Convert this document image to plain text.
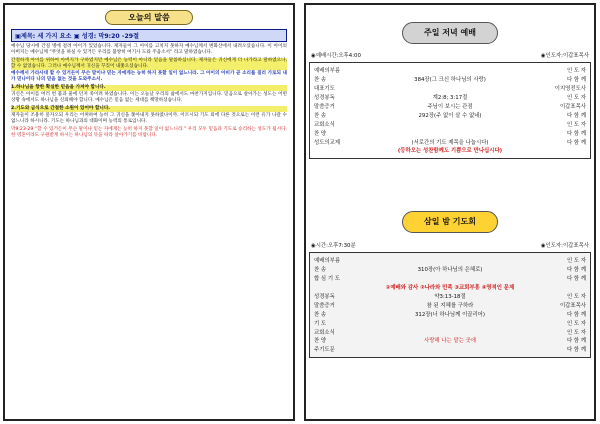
오늘의 말씀
▣제목: 세 가지 요소 ▣ 성경: 막9:20 -29절

예수님 당시에 간질 병에 걸려 아이가 있었습니다. 제자들이 그 아이를 고치지 못하자 예수님께서 변화산에서 내려오셨습니다. 이 아이의 아버지는 예수님께 “무엇을 하실 수 있거든 우리를 불쌍히 여기사 도와 주옵소서” 라고 말하였습니다.

간절하게 아이를 위하여 아버지가 구하였지만 예수님은 능력이 아니라 믿음을 말씀하십니다. 제자들은 귀신에게 더 나가라고 말하였으나, 할 수 없었습니다. 그러나 예수님께서 귀신을 꾸짖어 내쫓으셨습니다.

예수께서 가라사대 할 수 있거든이 무슨 말이냐 믿는 자에게는 능히 하지 못할 일이 없느니라. 그 아이의 아비가 곧 소리를 질러 가로되 내가 믿나이다 나의 믿음 없는 것을 도와주소서.

1.하나님을 향한 확실한 믿음을 가져야 합니다.

귀신은 아이를 여러 번 불과 물에 던져 죽이려 하였습니다. 이는 오늘날 우리의 삶에서도 마찬가지입니다. 믿음으로 살아가는 성도는 어떤 상황 속에서도 하나님을 신뢰해야 합니다. 예수님은 믿음 없는 세대를 책망하셨습니다.

2.기도와 금식으로 간절한 소원이 있어야 합니다.

제자들이 조용히 묻자오되 우리는 어찌하여 능히 그 귀신을 쫓아내지 못하였나이까. 이르시되 기도 외에 다른 것으로는 이런 유가 나갈 수 없느니라 하시니라. 기도는 하나님과의 대화이며 능력의 통로입니다.

막9:23-29 “할 수 있거든이 무슨 말이냐 믿는 자에게는 능히 하지 못할 일이 없느니라.” 우리 모두 믿음과 기도로 승리하는 성도가 됩시다. 한 영혼이라도 구원받게 하시는 하나님의 뜻을 따라 살아가기를 바랍니다.

주일 저녁 예배
◉예배시간:오후4:00	◉인도자:이갑표목사
예배의부름	인 도 자
찬 송	384장(그 크신 하나님의 사랑)	다 함 께
대표기도	이지영전도사
성경봉독	계2:8; 3:17절	인 도 자
말씀증거	주님이 보시는 관점	이갑표목사
찬 송	292장(주 없이 살 수 없네)	다 함 께
교회소식	인 도 자
찬 양	다 함 께
성도의교제	(서로간의 기도 제목을 나눕시다)	다 함 께
(등하오는 성찬함께도 기쁨으로 만나십시다)
삼일 밤 기도회
◉시간:오후7:30분	◉인도자:이갑표목사
예배의부름	인 도 자
찬 송	310장(아 하나님의 은혜로)	다 함 께
합 심 기 도	다 함 께
①예배와 감사 ②나라와 민족 ③교회부흥 ④영적인 문제
성경봉독	약3:13-18절	인 도 자
말씀증거	참 된 지혜를 구하라	이갑표목사
찬 송	312장(너 하나님께 이끌리어)	다 함 께
기 도	인 도 자
교회소식	인 도 자
찬 양	사랑해 나는 맡는 곳에	다 함 께
주기도문	다 함 께
